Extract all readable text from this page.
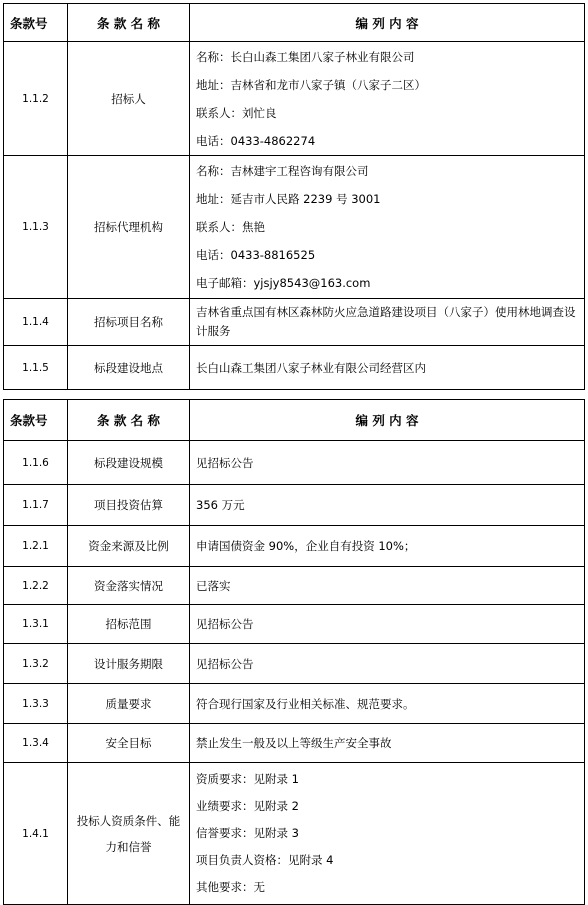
条款号	条 款 名 称	编 列 内 容
1.1.2	招标人	名称：长白山森工集团八家子林业有限公司
地址：吉林省和龙市八家子镇（八家子二区）
联系人：刘忙良
电话：0433-4862274

1.1.3	招标代理机构	名称：吉林建宇工程咨询有限公司
地址：延吉市人民路 2239 号 3001
联系人：焦艳
电话：0433-8816525
电子邮箱：yjsjy8543@163.com

1.1.4	招标项目名称	吉林省重点国有林区森林防火应急道路建设项目（八家子）使用林地调查设计服务
1.1.5	标段建设地点	长白山森工集团八家子林业有限公司经营区内
条款号	条 款 名 称	编 列 内 容
1.1.6	标段建设规模	见招标公告

1.1.7	项目投资估算	356 万元

1.2.1	资金来源及比例	申请国债资金 90%，企业自有投资 10%；

1.2.2	资金落实情况	已落实

1.3.1	招标范围	见招标公告

1.3.2	设计服务期限	见招标公告

1.3.3	质量要求	符合现行国家及行业相关标准、规范要求。

1.3.4	安全目标	禁止发生一般及以上等级生产安全事故

1.4.1	投标人资质条件、能力和信誉	资质要求：见附录 1
业绩要求：见附录 2
信誉要求：见附录 3
项目负责人资格：见附录 4
其他要求：无
